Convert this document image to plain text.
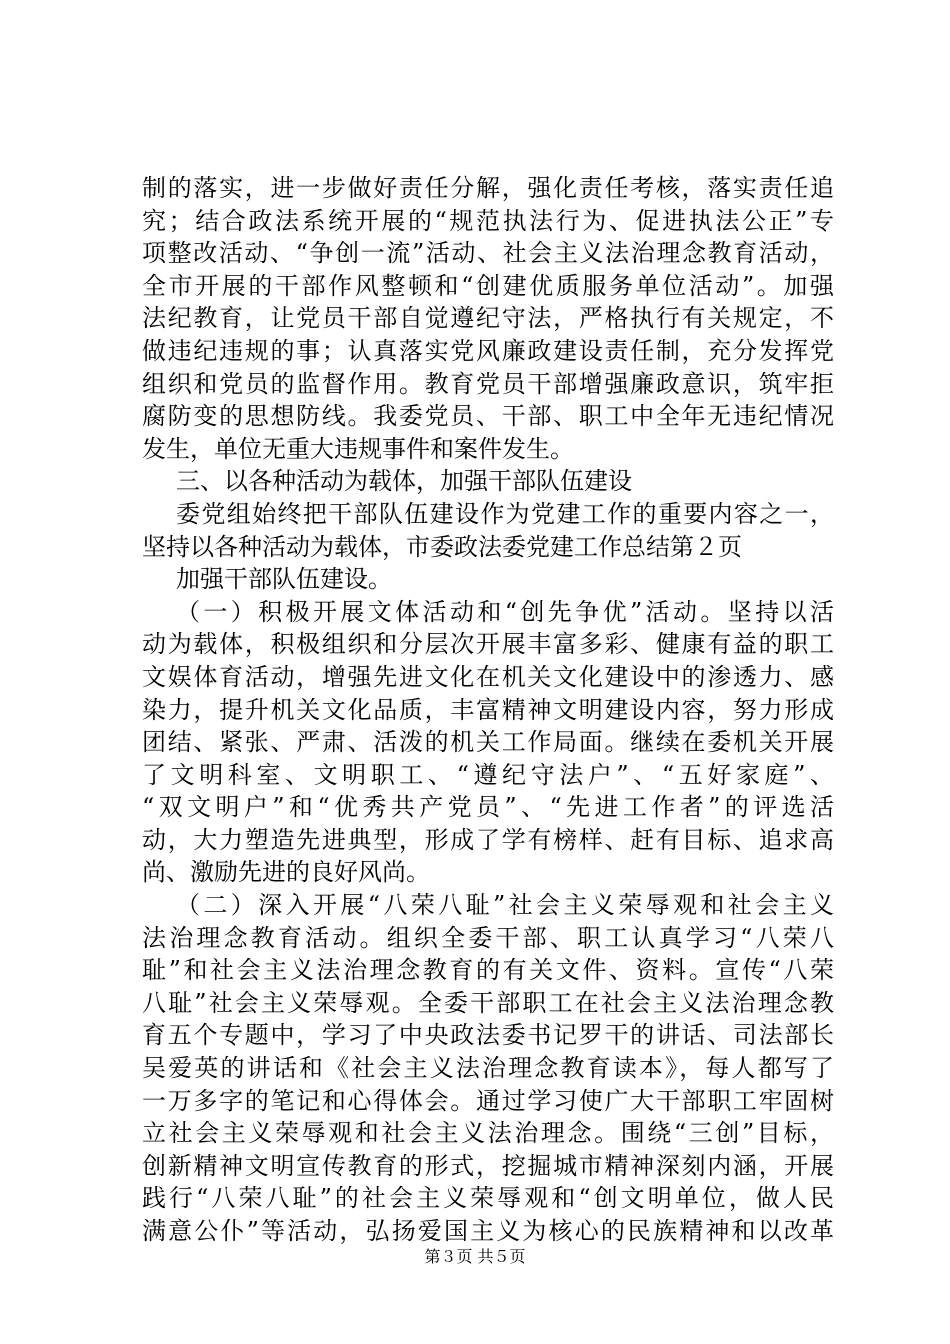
制的落实，进一步做好责任分解，强化责任考核，落实责任追
究；结合政法系统开展的“规范执法行为、促进执法公正”专
项整改活动、“争创一流”活动、社会主义法治理念教育活动，
全市开展的干部作风整顿和“创建优质服务单位活动”。加强
法纪教育，让党员干部自觉遵纪守法，严格执行有关规定，不
做违纪违规的事；认真落实党风廉政建设责任制，充分发挥党
组织和党员的监督作用。教育党员干部增强廉政意识，筑牢拒
腐防变的思想防线。我委党员、干部、职工中全年无违纪情况
发生，单位无重大违规事件和案件发生。
三、以各种活动为载体，加强干部队伍建设
委党组始终把干部队伍建设作为党建工作的重要内容之一，
坚持以各种活动为载体，市委政法委党建工作总结第２页
加强干部队伍建设。
（一）积极开展文体活动和“创先争优”活动。坚持以活
动为载体，积极组织和分层次开展丰富多彩、健康有益的职工
文娱体育活动，增强先进文化在机关文化建设中的渗透力、感
染力，提升机关文化品质，丰富精神文明建设内容，努力形成
团结、紧张、严肃、活泼的机关工作局面。继续在委机关开展
了文明科室、文明职工、“遵纪守法户”、“五好家庭”、
“双文明户”和“优秀共产党员”、“先进工作者”的评选活
动，大力塑造先进典型，形成了学有榜样、赶有目标、追求高
尚、激励先进的良好风尚。
（二）深入开展“八荣八耻”社会主义荣辱观和社会主义
法治理念教育活动。组织全委干部、职工认真学习“八荣八
耻”和社会主义法治理念教育的有关文件、资料。宣传“八荣
八耻”社会主义荣辱观。全委干部职工在社会主义法治理念教
育五个专题中，学习了中央政法委书记罗干的讲话、司法部长
吴爱英的讲话和《社会主义法治理念教育读本》，每人都写了
一万多字的笔记和心得体会。通过学习使广大干部职工牢固树
立社会主义荣辱观和社会主义法治理念。围绕“三创”目标，
创新精神文明宣传教育的形式，挖掘城市精神深刻内涵，开展
践行“八荣八耻”的社会主义荣辱观和“创文明单位，做人民
满意公仆”等活动，弘扬爱国主义为核心的民族精神和以改革
第３页 共５页
